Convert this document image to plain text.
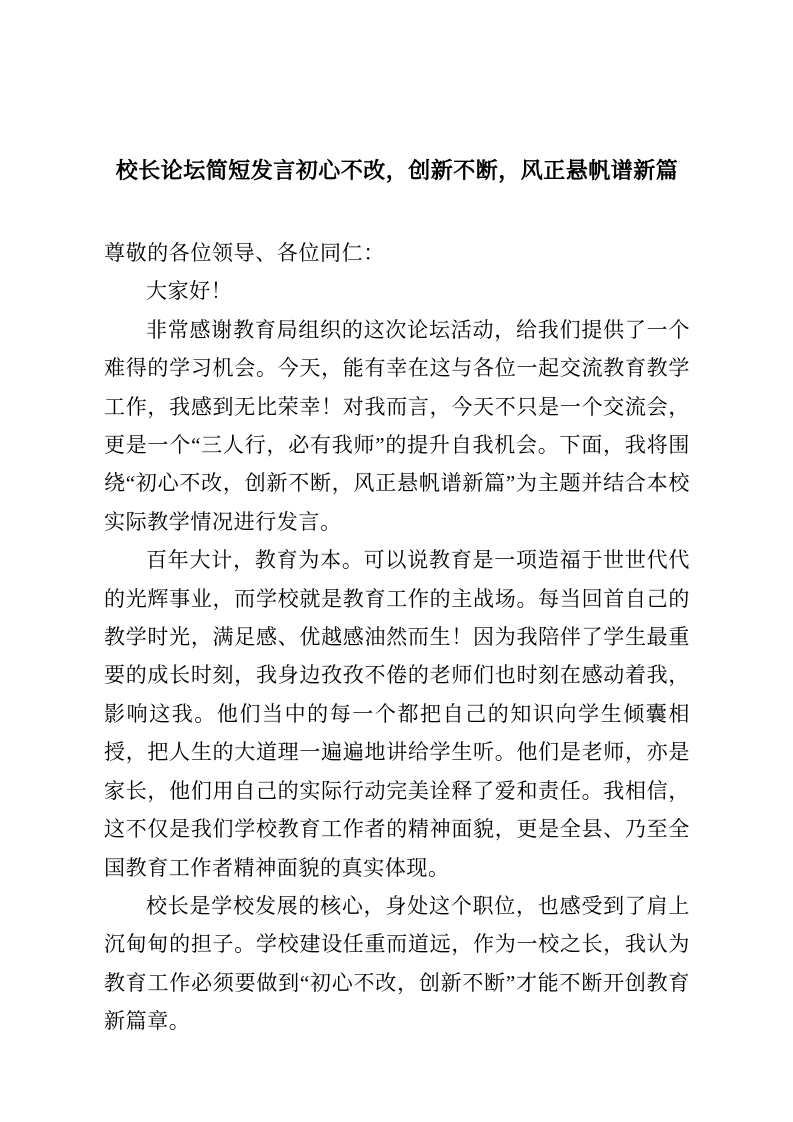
校长论坛简短发言初心不改，创新不断，风正悬帆谱新篇

尊敬的各位领导、各位同仁：

大家好！

非常感谢教育局组织的这次论坛活动，给我们提供了一个难得的学习机会。今天，能有幸在这与各位一起交流教育教学工作，我感到无比荣幸！对我而言，今天不只是一个交流会，更是一个“三人行，必有我师”的提升自我机会。下面，我将围绕“初心不改，创新不断，风正悬帆谱新篇”为主题并结合本校实际教学情况进行发言。

百年大计，教育为本。可以说教育是一项造福于世世代代的光辉事业，而学校就是教育工作的主战场。每当回首自己的教学时光，满足感、优越感油然而生！因为我陪伴了学生最重要的成长时刻，我身边孜孜不倦的老师们也时刻在感动着我，影响这我。他们当中的每一个都把自己的知识向学生倾囊相授，把人生的大道理一遍遍地讲给学生听。他们是老师，亦是家长，他们用自己的实际行动完美诠释了爱和责任。我相信，这不仅是我们学校教育工作者的精神面貌，更是全县、乃至全国教育工作者精神面貌的真实体现。

校长是学校发展的核心，身处这个职位，也感受到了肩上沉甸甸的担子。学校建设任重而道远，作为一校之长，我认为教育工作必须要做到“初心不改，创新不断”才能不断开创教育新篇章。
